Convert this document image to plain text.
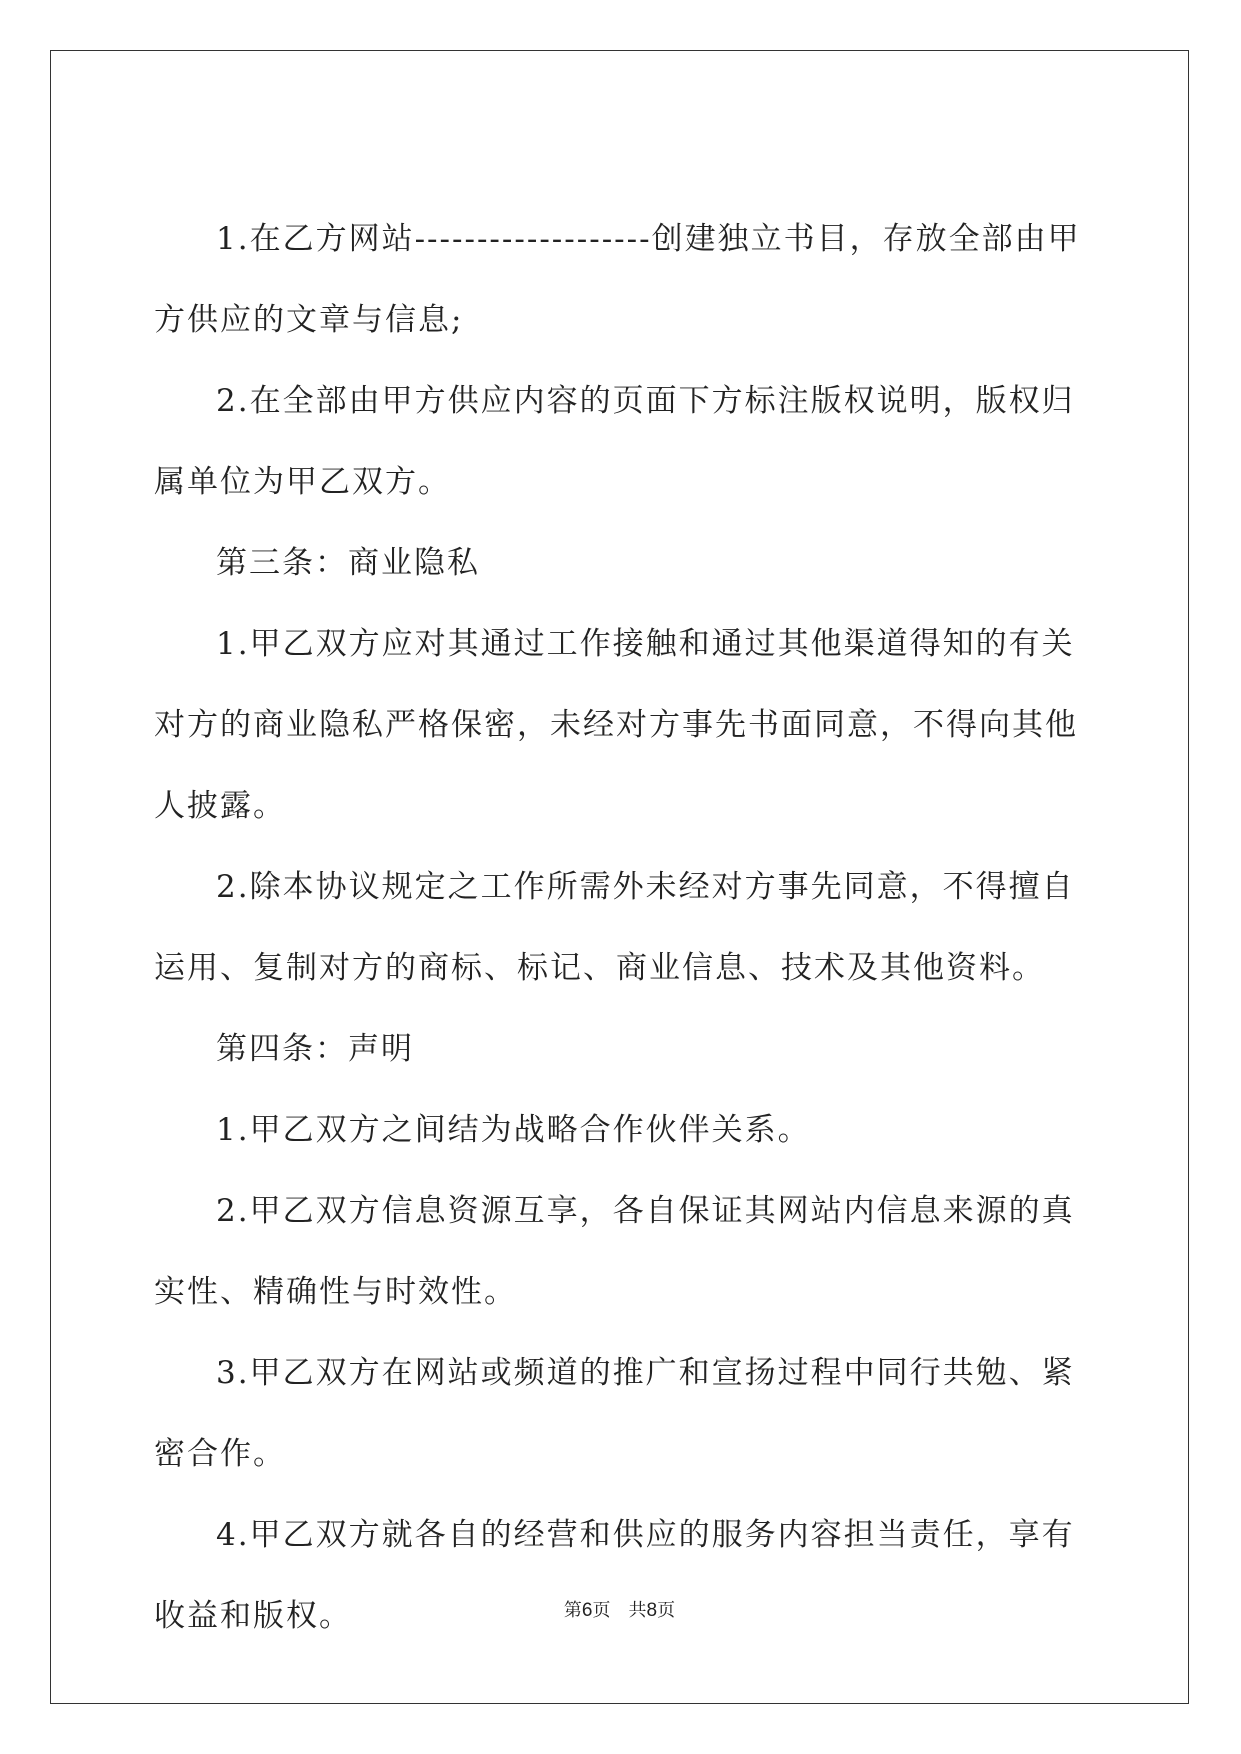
1.在乙方网站-------------------创建独立书目，存放全部由甲方供应的文章与信息;

2.在全部由甲方供应内容的页面下方标注版权说明，版权归属单位为甲乙双方。

第三条：商业隐私

1.甲乙双方应对其通过工作接触和通过其他渠道得知的有关对方的商业隐私严格保密，未经对方事先书面同意，不得向其他人披露。

2.除本协议规定之工作所需外未经对方事先同意，不得擅自运用、复制对方的商标、标记、商业信息、技术及其他资料。

第四条：声明

1.甲乙双方之间结为战略合作伙伴关系。

2.甲乙双方信息资源互享，各自保证其网站内信息来源的真实性、精确性与时效性。

3.甲乙双方在网站或频道的推广和宣扬过程中同行共勉、紧密合作。

4.甲乙双方就各自的经营和供应的服务内容担当责任，享有收益和版权。	第6页 共8页
